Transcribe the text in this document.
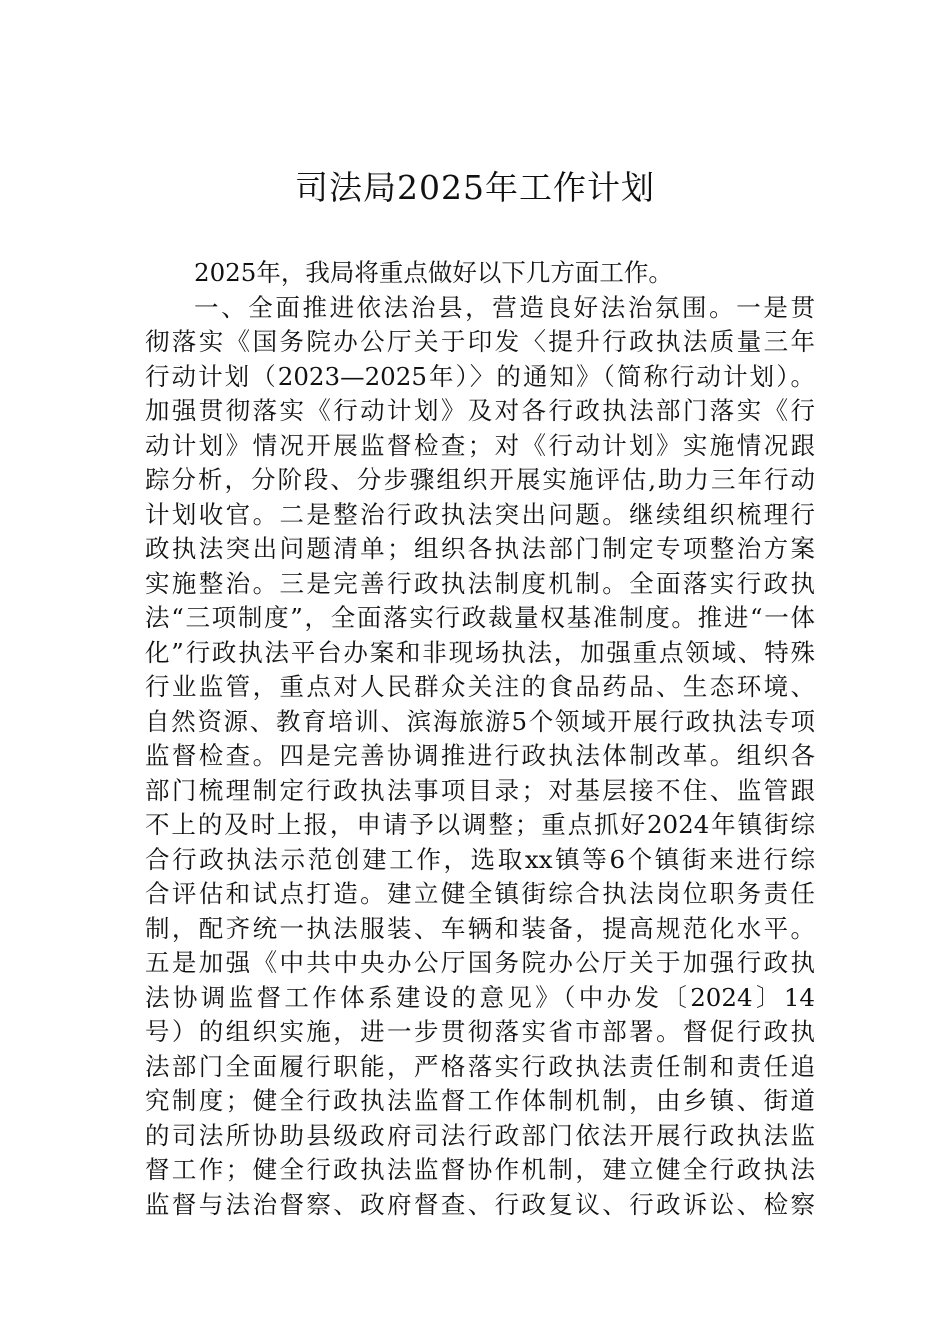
司法局2025年工作计划
2025年，我局将重点做好以下几方面工作。
一、全面推进依法治县，营造良好法治氛围。一是贯
彻落实《国务院办公厅关于印发〈提升行政执法质量三年
行动计划（2023—2025年）〉的通知》（简称行动计划）。
加强贯彻落实《行动计划》及对各行政执法部门落实《行
动计划》情况开展监督检查；对《行动计划》实施情况跟
踪分析，分阶段、分步骤组织开展实施评估,助力三年行动
计划收官。二是整治行政执法突出问题。继续组织梳理行
政执法突出问题清单；组织各执法部门制定专项整治方案
实施整治。三是完善行政执法制度机制。全面落实行政执
法“三项制度”，全面落实行政裁量权基准制度。推进“一体
化”行政执法平台办案和非现场执法，加强重点领域、特殊
行业监管，重点对人民群众关注的食品药品、生态环境、
自然资源、教育培训、滨海旅游5个领域开展行政执法专项
监督检查。四是完善协调推进行政执法体制改革。组织各
部门梳理制定行政执法事项目录；对基层接不住、监管跟
不上的及时上报，申请予以调整；重点抓好2024年镇街综
合行政执法示范创建工作，选取xx镇等6个镇街来进行综
合评估和试点打造。建立健全镇街综合执法岗位职务责任
制，配齐统一执法服装、车辆和装备，提高规范化水平。
五是加强《中共中央办公厅国务院办公厅关于加强行政执
法协调监督工作体系建设的意见》（中办发〔2024〕14
号）的组织实施，进一步贯彻落实省市部署。督促行政执
法部门全面履行职能，严格落实行政执法责任制和责任追
究制度；健全行政执法监督工作体制机制，由乡镇、街道
的司法所协助县级政府司法行政部门依法开展行政执法监
督工作；健全行政执法监督协作机制，建立健全行政执法
监督与法治督察、政府督查、行政复议、行政诉讼、检察
